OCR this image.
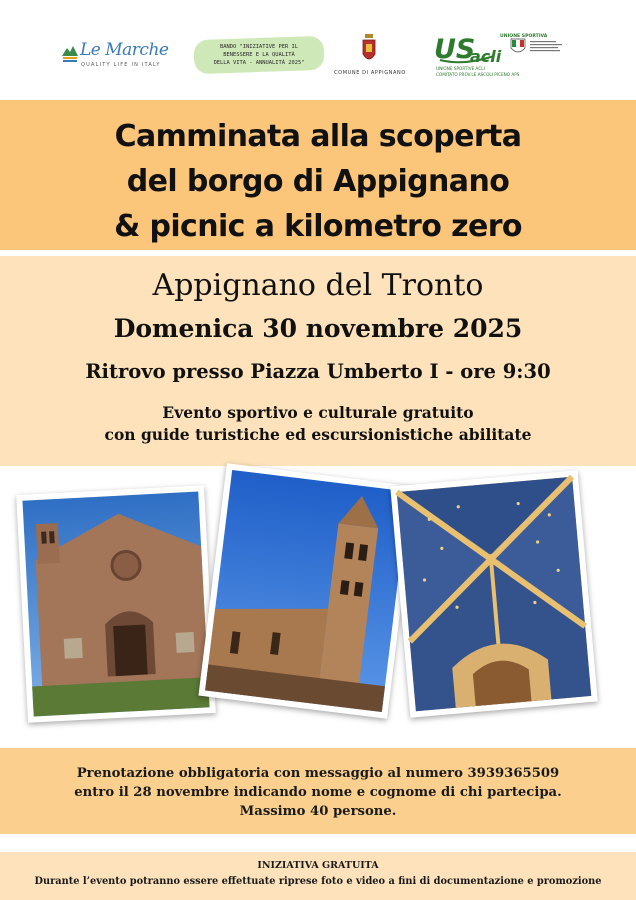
Le Marche
QUALITY LIFE IN ITALY
BANDO "INIZIATIVE PER IL
BENESSERE E LA QUALITÀ
DELLA VITA - ANNUALITÀ 2025"
COMUNE DI APPIGNANO
US
acli
UNIONE SPORTIVA
UNIONE SPORTIVE ACLI
COMITATO PROV.LE ASCOLI PICENO APS
Camminata alla scoperta
del borgo di Appignano
& picnic a kilometro zero
Appignano del Tronto
Domenica 30 novembre 2025
Ritrovo presso Piazza Umberto I - ore 9:30
Evento sportivo e culturale gratuito
con guide turistiche ed escursionistiche abilitate
Prenotazione obbligatoria con messaggio al numero 3939365509
entro il 28 novembre indicando nome e cognome di chi partecipa.
Massimo 40 persone.
INIZIATIVA GRATUITA
Durante l’evento potranno essere effettuate riprese foto e video a fini di documentazione e promozione
